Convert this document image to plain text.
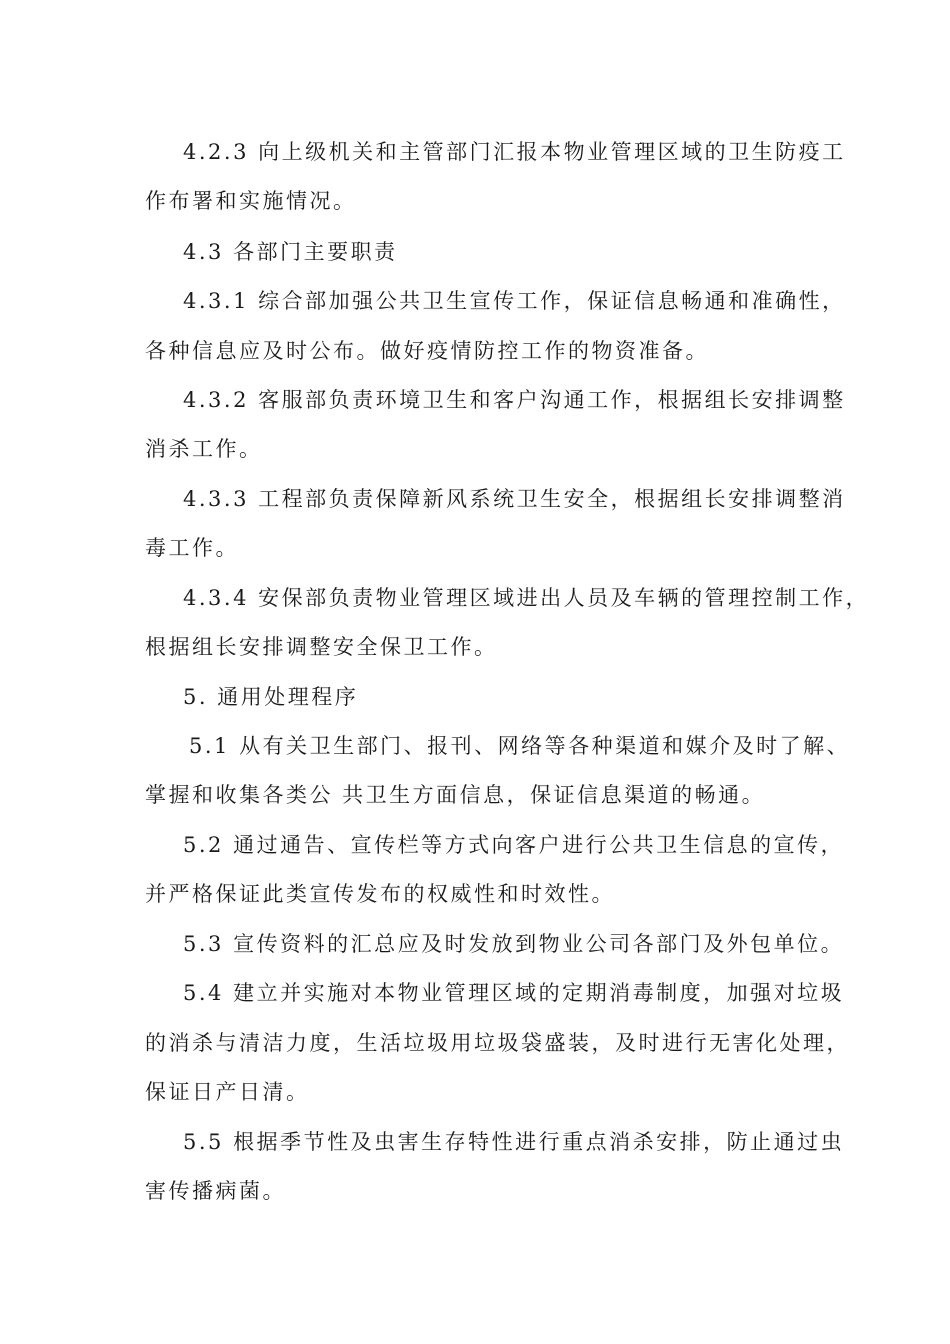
4.2.3 向上级机关和主管部门汇报本物业管理区域的卫生防疫工
作布署和实施情况。
4.3 各部门主要职责
4.3.1 综合部加强公共卫生宣传工作，保证信息畅通和准确性，
各种信息应及时公布。做好疫情防控工作的物资准备。
4.3.2 客服部负责环境卫生和客户沟通工作，根据组长安排调整
消杀工作。
4.3.3 工程部负责保障新风系统卫生安全，根据组长安排调整消
毒工作。
4.3.4 安保部负责物业管理区域进出人员及车辆的管理控制工作，
根据组长安排调整安全保卫工作。
5. 通用处理程序
5.1 从有关卫生部门、报刊、网络等各种渠道和媒介及时了解、
掌握和收集各类公 共卫生方面信息，保证信息渠道的畅通。
5.2 通过通告、宣传栏等方式向客户进行公共卫生信息的宣传，
并严格保证此类宣传发布的权威性和时效性。
5.3 宣传资料的汇总应及时发放到物业公司各部门及外包单位。
5.4 建立并实施对本物业管理区域的定期消毒制度，加强对垃圾
的消杀与清洁力度，生活垃圾用垃圾袋盛装，及时进行无害化处理，
保证日产日清。
5.5 根据季节性及虫害生存特性进行重点消杀安排，防止通过虫
害传播病菌。
